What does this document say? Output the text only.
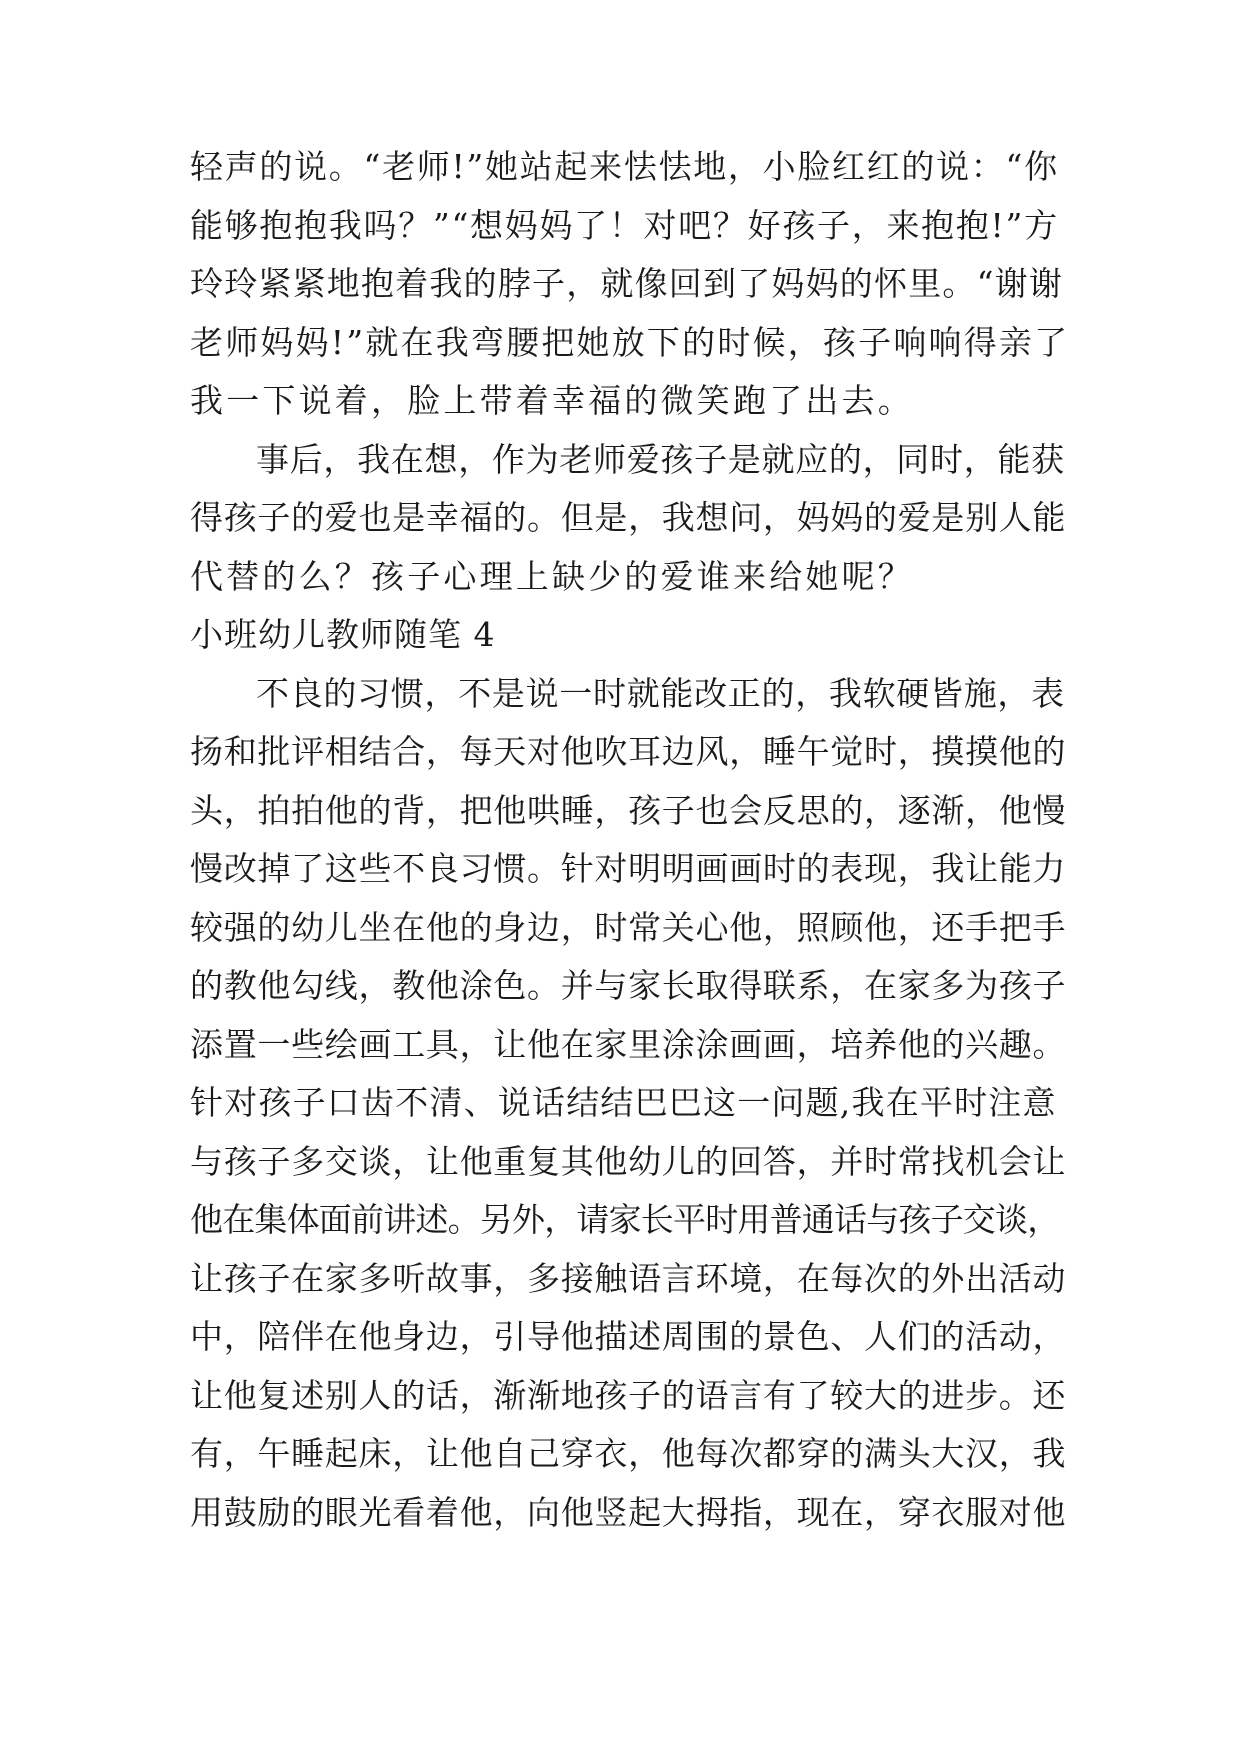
轻声的说。“老师!”她站起来怯怯地，小脸红红的说：“你
能够抱抱我吗？”“想妈妈了！对吧？好孩子，来抱抱!”方
玲玲紧紧地抱着我的脖子，就像回到了妈妈的怀里。“谢谢
老师妈妈!”就在我弯腰把她放下的时候，孩子响响得亲了
我一下说着，脸上带着幸福的微笑跑了出去。
事后，我在想，作为老师爱孩子是就应的，同时，能获
得孩子的爱也是幸福的。但是，我想问，妈妈的爱是别人能
代替的么？孩子心理上缺少的爱谁来给她呢？
小班幼儿教师随笔 4
不良的习惯，不是说一时就能改正的，我软硬皆施，表
扬和批评相结合，每天对他吹耳边风，睡午觉时，摸摸他的
头，拍拍他的背，把他哄睡，孩子也会反思的，逐渐，他慢
慢改掉了这些不良习惯。针对明明画画时的表现，我让能力
较强的幼儿坐在他的身边，时常关心他，照顾他，还手把手
的教他勾线，教他涂色。并与家长取得联系，在家多为孩子
添置一些绘画工具，让他在家里涂涂画画，培养他的兴趣。
针对孩子口齿不清、说话结结巴巴这一问题,我在平时注意
与孩子多交谈，让他重复其他幼儿的回答，并时常找机会让
他在集体面前讲述。另外，请家长平时用普通话与孩子交谈，
让孩子在家多听故事，多接触语言环境，在每次的外出活动
中，陪伴在他身边，引导他描述周围的景色、人们的活动，
让他复述别人的话，渐渐地孩子的语言有了较大的进步。还
有，午睡起床，让他自己穿衣，他每次都穿的满头大汉，我
用鼓励的眼光看着他，向他竖起大拇指，现在，穿衣服对他
